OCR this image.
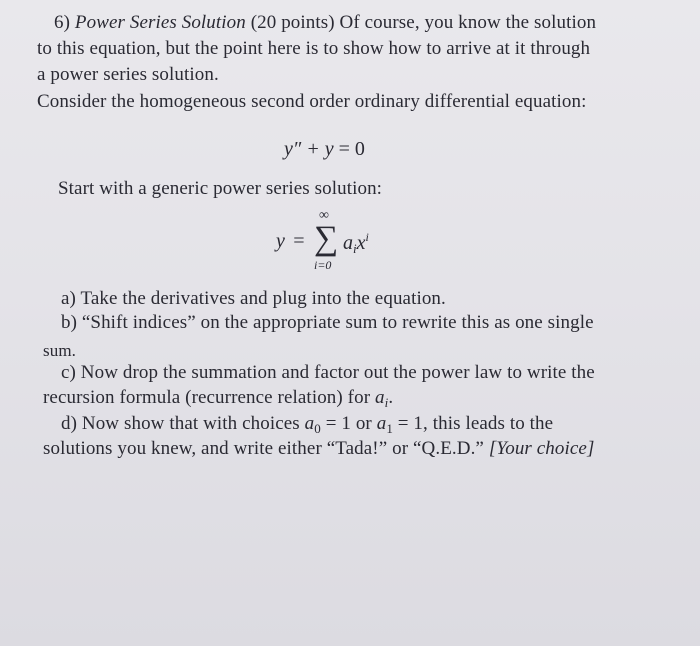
6) Power Series Solution (20 points) Of course, you know the solution
to this equation, but the point here is to show how to arrive at it through
a power series solution.
Consider the homogeneous second order ordinary differential equation:
y″ + y = 0
Start with a generic power series solution:
y =
∞
∑
i=0
$a_ix^i$
a) Take the derivatives and plug into the equation.
b) “Shift indices” on the appropriate sum to rewrite this as one single
sum.
c) Now drop the summation and factor out the power law to write the
recursion formula (recurrence relation) for $a_i$.
d) Now show that with choices $a_0 = 1$ or $a_1 = 1$, this leads to the
solutions you knew, and write either “Tada!” or “Q.E.D.” [Your choice]
